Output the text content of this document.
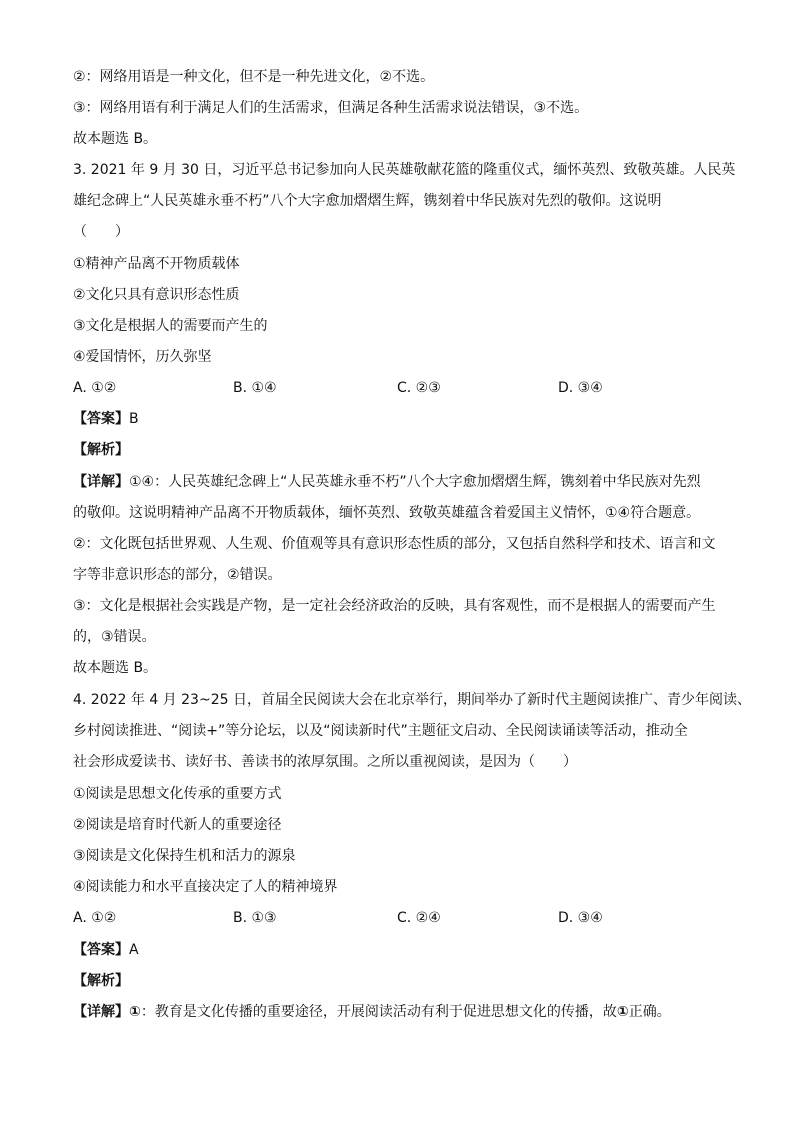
②：网络用语是一种文化，但不是一种先进文化，②不选。
③：网络用语有利于满足人们的生活需求，但满足各种生活需求说法错误，③不选。
故本题选 B。
3. 2021 年 9 月 30 日，习近平总书记参加向人民英雄敬献花篮的隆重仪式，缅怀英烈、致敬英雄。人民英
雄纪念碑上“人民英雄永垂不朽”八个大字愈加熠熠生辉，镌刻着中华民族对先烈的敬仰。这说明
（　　）
①精神产品离不开物质载体
②文化只具有意识形态性质
③文化是根据人的需要而产生的
④爱国情怀，历久弥坚
A. ①②	B. ①④	C. ②③	D. ③④
【答案】B
【解析】
【详解】①④：人民英雄纪念碑上“人民英雄永垂不朽”八个大字愈加熠熠生辉，镌刻着中华民族对先烈
的敬仰。这说明精神产品离不开物质载体，缅怀英烈、致敬英雄蕴含着爱国主义情怀，①④符合题意。
②：文化既包括世界观、人生观、价值观等具有意识形态性质的部分，又包括自然科学和技术、语言和文
字等非意识形态的部分，②错误。
③：文化是根据社会实践是产物，是一定社会经济政治的反映，具有客观性，而不是根据人的需要而产生
的，③错误。
故本题选 B。
4. 2022 年 4 月 23~25 日，首届全民阅读大会在北京举行，期间举办了新时代主题阅读推广、青少年阅读、
乡村阅读推进、“阅读+”等分论坛，以及“阅读新时代”主题征文启动、全民阅读诵读等活动，推动全
社会形成爱读书、读好书、善读书的浓厚氛围。之所以重视阅读，是因为（　　）
①阅读是思想文化传承的重要方式
②阅读是培育时代新人的重要途径
③阅读是文化保持生机和活力的源泉
④阅读能力和水平直接决定了人的精神境界
A. ①②	B. ①③	C. ②④	D. ③④
【答案】A
【解析】
【详解】①：教育是文化传播的重要途径，开展阅读活动有利于促进思想文化的传播，故①正确。
